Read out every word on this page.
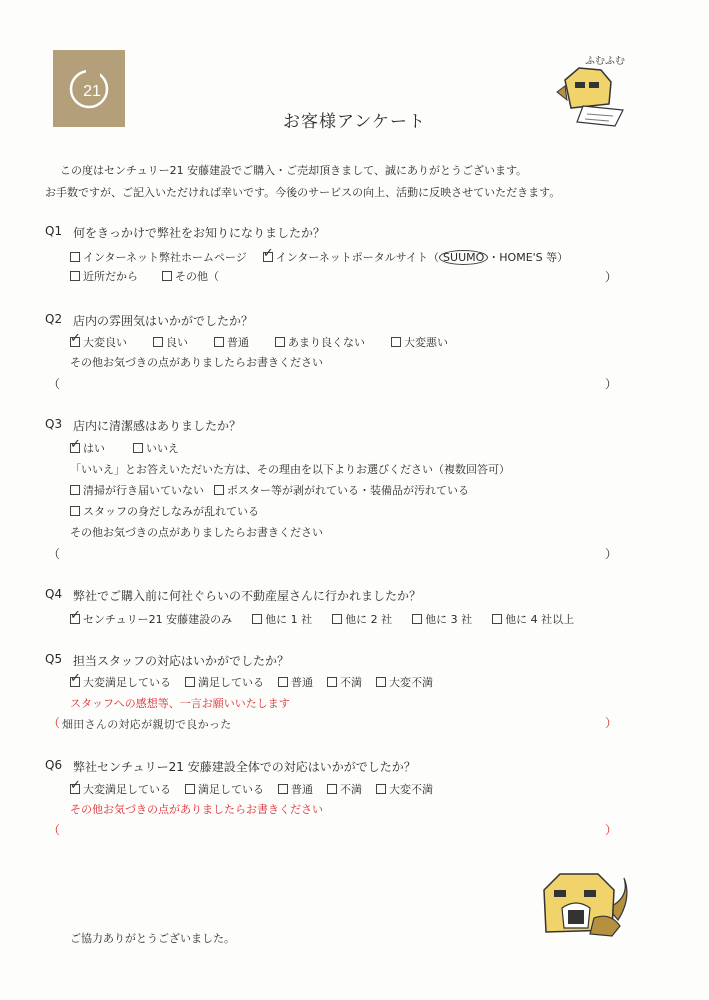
21
ふむふむ
お客様アンケート
この度はセンチュリー21 安藤建設でご購入・ご売却頂きまして、誠にありがとうございます。
お手数ですが、ご記入いただければ幸いです。今後のサービスの向上、活動に反映させていただきます。
Q1 何をきっかけで弊社をお知りになりましたか？
インターネット弊社ホームページ✓	インターネットポータルサイト（ SUUMO ・HOME'S 等）
近所だから	その他（	）
Q2 店内の雰囲気はいかがでしたか？
✓大変良い	良い	普通	あまり良くない	大変悪い
その他お気づきの点がありましたらお書きください
（	）
Q3 店内に清潔感はありましたか？
✓はい	いいえ
「いいえ」とお答えいただいた方は、その理由を以下よりお選びください（複数回答可）
清掃が行き届いていない ポスター等が剥がれている・装備品が汚れている
スタッフの身だしなみが乱れている
その他お気づきの点がありましたらお書きください
（	）
Q4 弊社でご購入前に何社ぐらいの不動産屋さんに行かれましたか？
✓センチュリー21 安藤建設のみ	他に 1 社	他に 2 社	他に 3 社	他に 4 社以上
Q5 担当スタッフの対応はいかがでしたか？
✓大変満足している 満足している 普通 不満 大変不満
スタッフへの感想等、一言お願いいたします
（ 畑田さんの対応が親切で良かった	）
Q6 弊社センチュリー21 安藤建設全体での対応はいかがでしたか？
✓大変満足している 満足している 普通 不満 大変不満
その他お気づきの点がありましたらお書きください
（	）
ご協力ありがとうございました。
